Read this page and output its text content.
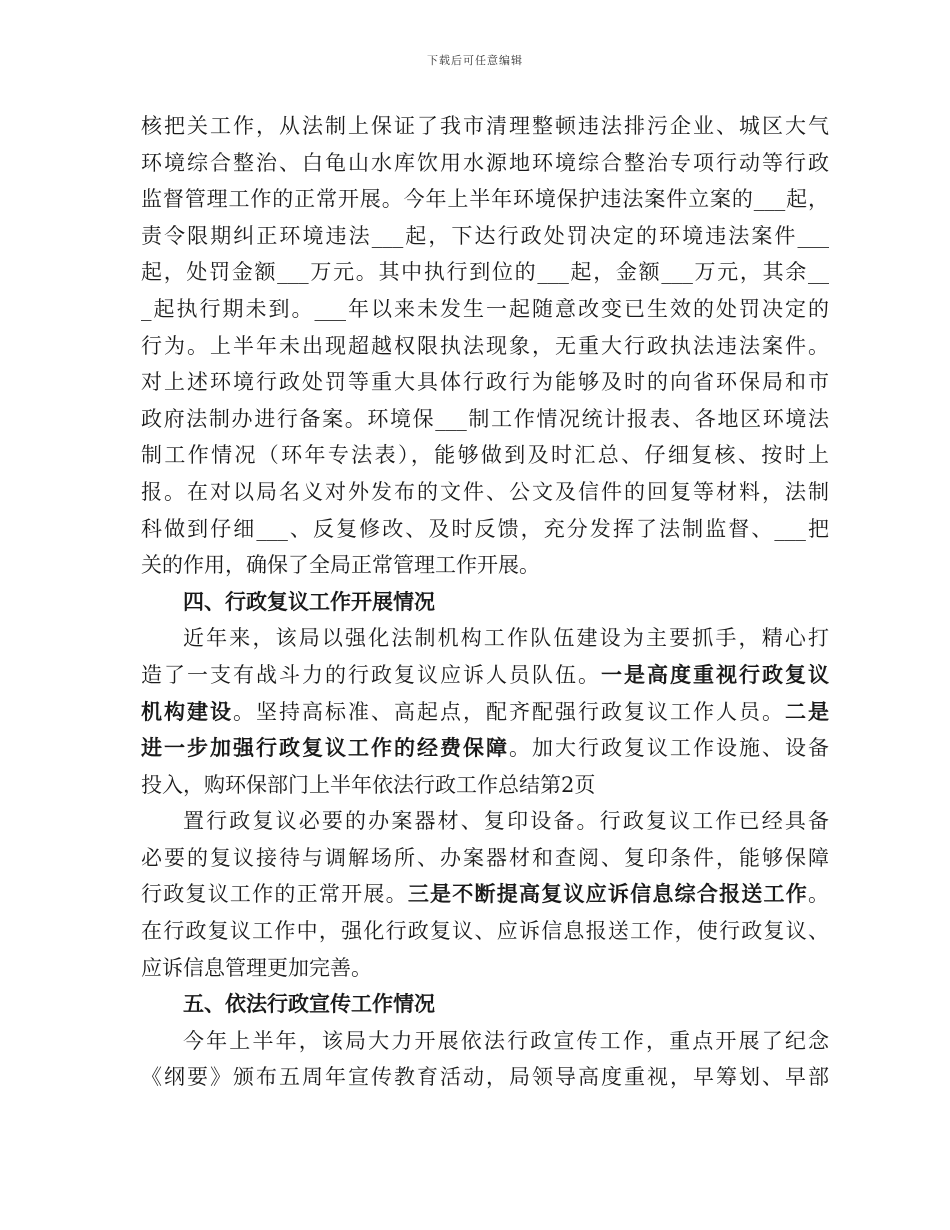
下载后可任意编辑
核把关工作，从法制上保证了我市清理整顿违法排污企业、城区大气
环境综合整治、白龟山水库饮用水源地环境综合整治专项行动等行政
监督管理工作的正常开展。今年上半年环境保护违法案件立案的___起，
责令限期纠正环境违法___起，下达行政处罚决定的环境违法案件___
起，处罚金额___万元。其中执行到位的___起，金额___万元，其余__
_起执行期未到。___年以来未发生一起随意改变已生效的处罚决定的
行为。上半年未出现超越权限执法现象，无重大行政执法违法案件。
对上述环境行政处罚等重大具体行政行为能够及时的向省环保局和市
政府法制办进行备案。环境保___制工作情况统计报表、各地区环境法
制工作情况（环年专法表），能够做到及时汇总、仔细复核、按时上
报。在对以局名义对外发布的文件、公文及信件的回复等材料，法制
科做到仔细___、反复修改、及时反馈，充分发挥了法制监督、___把
关的作用，确保了全局正常管理工作开展。
四、行政复议工作开展情况
近年来，该局以强化法制机构工作队伍建设为主要抓手，精心打
造了一支有战斗力的行政复议应诉人员队伍。一是高度重视行政复议
机构建设。坚持高标准、高起点，配齐配强行政复议工作人员。二是
进一步加强行政复议工作的经费保障。加大行政复议工作设施、设备
投入，购环保部门上半年依法行政工作总结第2页
置行政复议必要的办案器材、复印设备。行政复议工作已经具备
必要的复议接待与调解场所、办案器材和查阅、复印条件，能够保障
行政复议工作的正常开展。三是不断提高复议应诉信息综合报送工作。
在行政复议工作中，强化行政复议、应诉信息报送工作，使行政复议、
应诉信息管理更加完善。
五、依法行政宣传工作情况
今年上半年，该局大力开展依法行政宣传工作，重点开展了纪念
《纲要》颁布五周年宣传教育活动，局领导高度重视，早筹划、早部
